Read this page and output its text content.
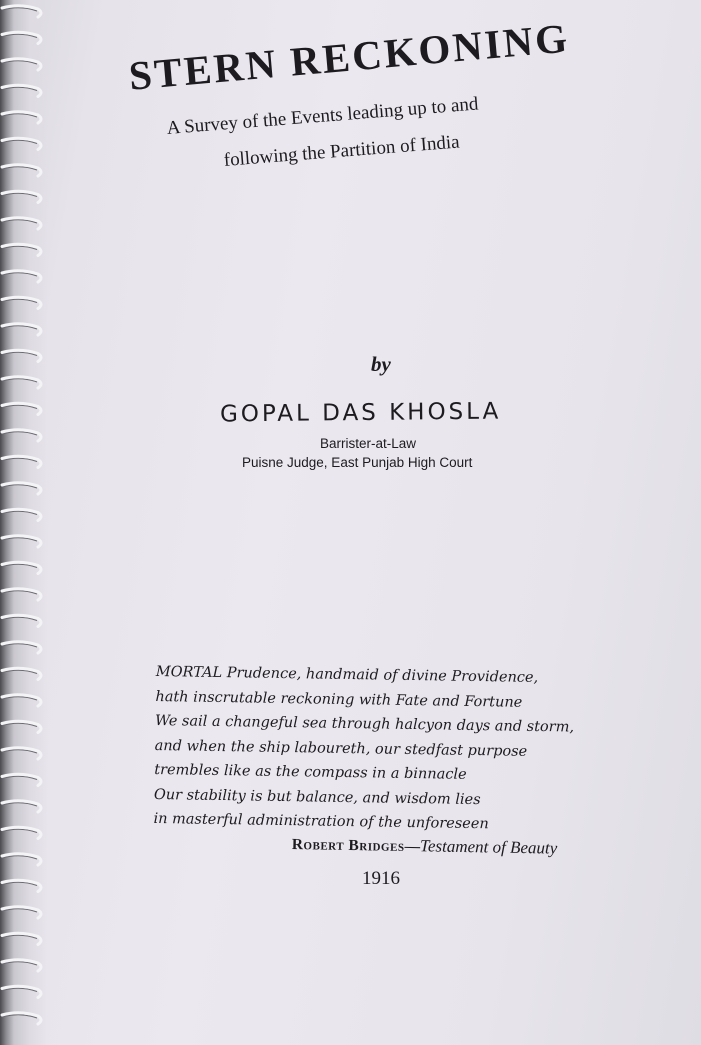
STERN RECKONING
A Survey of the Events leading up to and
following the Partition of India
by
GOPAL DAS KHOSLA
Barrister-at-Law
Puisne Judge, East Punjab High Court
MORTAL Prudence, handmaid of divine Providence,
hath inscrutable reckoning with Fate and Fortune
We sail a changeful sea through halcyon days and storm,
and when the ship laboureth, our stedfast purpose
trembles like as the compass in a binnacle
Our stability is but balance, and wisdom lies
in masterful administration of the unforeseen
Robert Bridges—Testament of Beauty
1916
